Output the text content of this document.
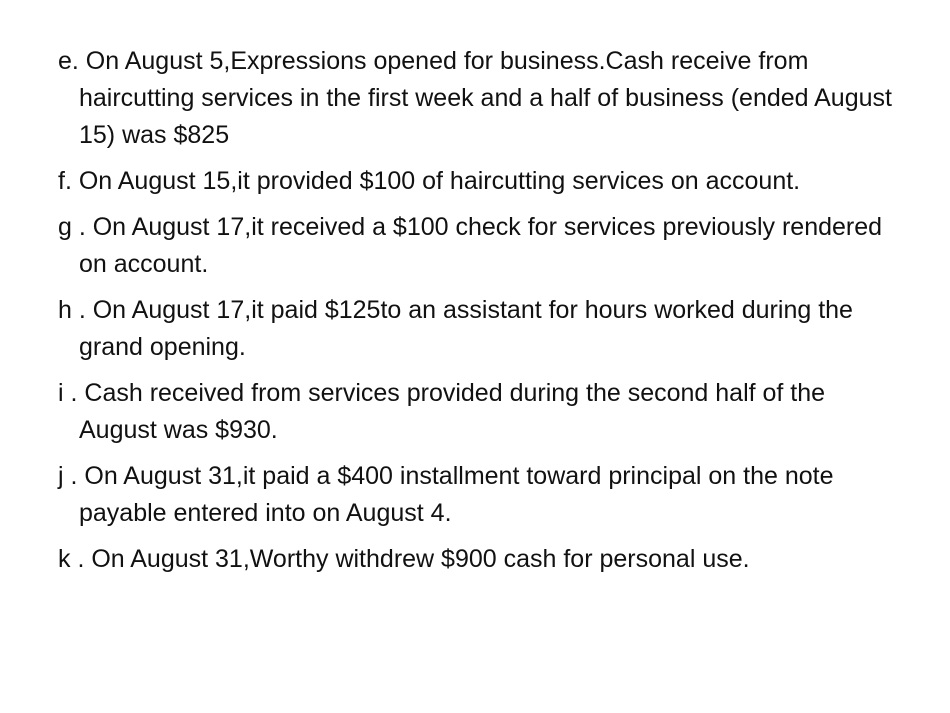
e. On August 5,Expressions opened for business.Cash receive from haircutting services in the first week and a half of business (ended August 15) was $825
f. On August 15,it provided $100 of haircutting services on account.
g . On August 17,it received a $100 check for services previously rendered on account.
h . On August 17,it paid $125to an assistant for hours worked during the grand opening.
i . Cash received from services provided during the second half of the August was $930.
j . On August 31,it paid a $400 installment toward principal on the note payable entered into on August 4.
k . On August 31,Worthy withdrew $900 cash for personal use.
